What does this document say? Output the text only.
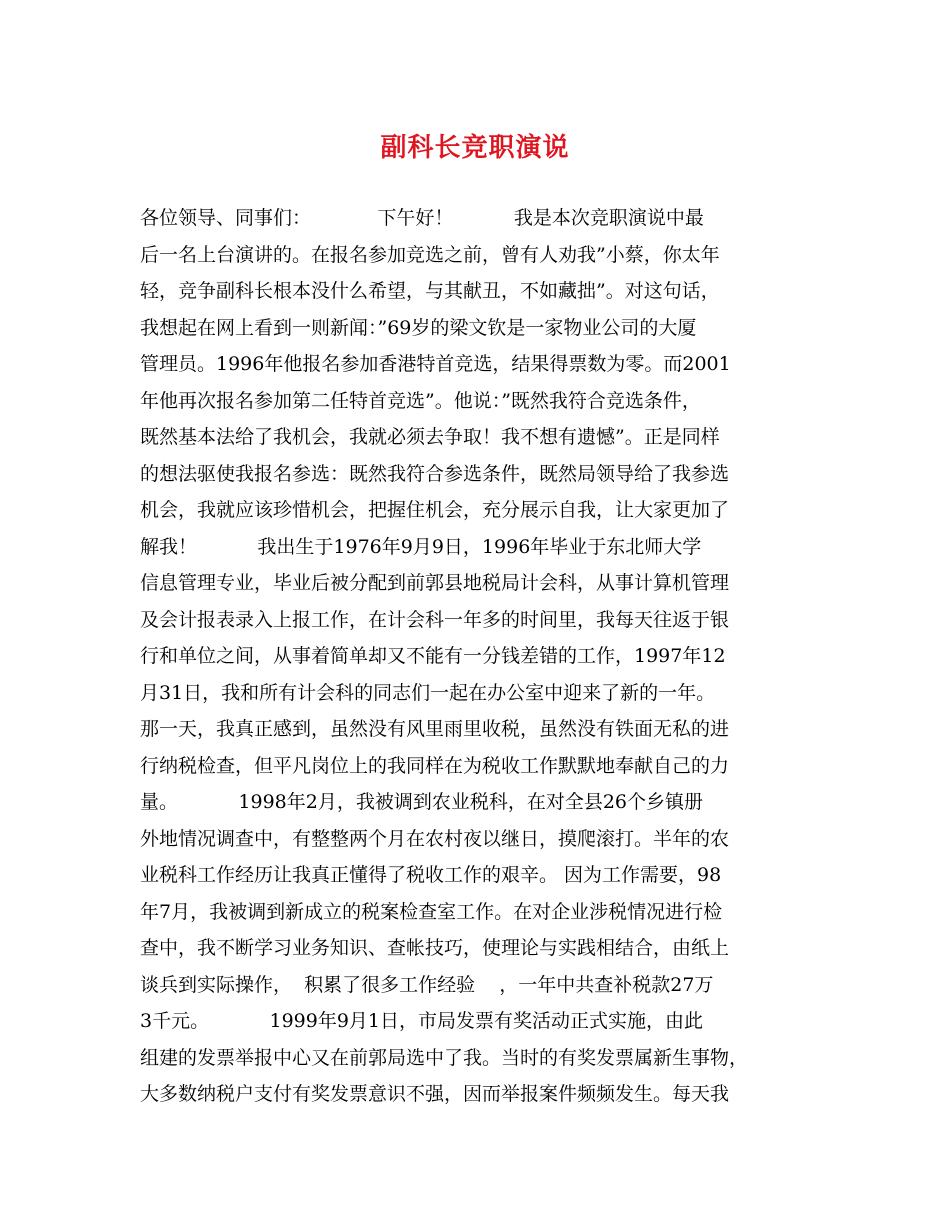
副科长竞职演说
各位领导、同事们：           下午好！          我是本次竞职演说中最
后一名上台演讲的。在报名参加竞选之前，曾有人劝我”小蔡，你太年
轻，竞争副科长根本没什么希望，与其献丑，不如藏拙”。对这句话，
我想起在网上看到一则新闻：”69岁的梁文钦是一家物业公司的大厦
管理员。1996年他报名参加香港特首竞选，结果得票数为零。而2001
年他再次报名参加第二任特首竞选”。他说：”既然我符合竞选条件，
既然基本法给了我机会，我就必须去争取！我不想有遗憾”。正是同样
的想法驱使我报名参选：既然我符合参选条件，既然局领导给了我参选
机会，我就应该珍惜机会，把握住机会，充分展示自我，让大家更加了
解我！          我出生于1976年9月9日，1996年毕业于东北师大学
信息管理专业，毕业后被分配到前郭县地税局计会科，从事计算机管理
及会计报表录入上报工作，在计会科一年多的时间里，我每天往返于银
行和单位之间，从事着简单却又不能有一分钱差错的工作，1997年12
月31日，我和所有计会科的同志们一起在办公室中迎来了新的一年。
那一天，我真正感到，虽然没有风里雨里收税，虽然没有铁面无私的进
行纳税检查，但平凡岗位上的我同样在为税收工作默默地奉献自己的力
量。          1998年2月，我被调到农业税科，在对全县26个乡镇册
外地情况调查中，有整整两个月在农村夜以继日，摸爬滚打。半年的农
业税科工作经历让我真正懂得了税收工作的艰辛。 因为工作需要，98
年7月，我被调到新成立的税案检查室工作。在对企业涉税情况进行检
查中，我不断学习业务知识、查帐技巧，使理论与实践相结合，由纸上
谈兵到实际操作，  积累了很多工作经验    ，一年中共查补税款27万
3千元。          1999年9月1日，市局发票有奖活动正式实施，由此
组建的发票举报中心又在前郭局选中了我。当时的有奖发票属新生事物，
大多数纳税户支付有奖发票意识不强，因而举报案件频频发生。每天我
